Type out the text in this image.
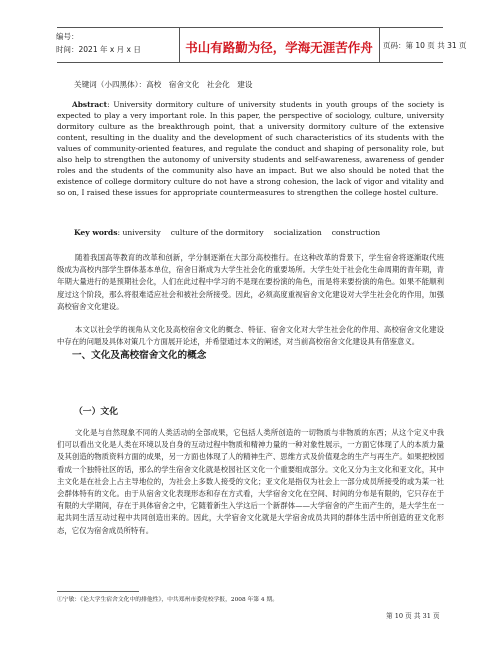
编号：
时间：2021 年 x 月 x 日	书山有路勤为径，学海无涯苦作舟	页码：第 10 页 共 31 页
关键词（小四黑体）：高校　宿舍文化　社会化　建设
Abstract: University dormitory culture of university students in youth groups of the society is expected to play a very important role. In this paper, the perspective of sociology, culture, university dormitory culture as the breakthrough point, that a university dormitory culture of the extensive content, resulting in the duality and the development of such characteristics of its students with the values of community-oriented features, and regulate the conduct and shaping of personality role, but also help to strengthen the autonomy of university students and self-awareness, awareness of gender roles and the students of the community also have an impact. But we also should be noted that the existence of college dormitory culture do not have a strong cohesion, the lack of vigor and vitality and so on, I raised these issues for appropriate countermeasures to strengthen the college hostel culture.
Key words: university culture of the dormitory socialization construction
随着我国高等教育的改革和创新，学分制逐渐在大部分高校推行。在这种改革的背景下，学生宿舍将逐渐取代班级成为高校内部学生群体基本单位，宿舍日渐成为大学生社会化的重要场所。大学生处于社会化生命周期的青年期，青年期大量进行的是预期社会化，人们在此过程中学习的不是现在要扮演的角色，而是将来要扮演的角色。如果不能顺利度过这个阶段，那么将很难适应社会和被社会所接受。因此，必须高度重视宿舍文化建设对大学生社会化的作用，加强高校宿舍文化建设。
本文以社会学的视角从文化及高校宿舍文化的概念、特征、宿舍文化对大学生社会化的作用、高校宿舍文化建设中存在的问题及具体对策几个方面展开论述，并希望通过本文的阐述，对当前高校宿舍文化建设具有借鉴意义。
一、文化及高校宿舍文化的概念
（一）文化
文化是与自然现象不同的人类活动的全部成果，它包括人类所创造的一切物质与非物质的东西；从这个定义中我们可以看出文化是人类在环境以及自身的互动过程中物质和精神力量的一种对象性展示，一方面它体现了人的本质力量及其创造的物质资料方面的成果，另一方面也体现了人的精神生产、思维方式及价值观念的生产与再生产。如果把校园看成一个独特社区的话，那么的学生宿舍文化就是校园社区文化一个重要组成部分。文化又分为主文化和亚文化，其中主文化是在社会上占主导地位的，为社会上多数人接受的文化；亚文化是指仅为社会上一部分成员所接受的或为某一社会群体特有的文化。由于从宿舍文化表现形态和存在方式看，大学宿舍文化在空间、时间的分布是有限的，它只存在于有限的大学期间，存在于具体宿舍之中，它随着新生入学这后一个新群体——大学宿舍的产生而产生的，是大学生在一起共同生活互动过程中共同创造出来的。因此，大学宿舍文化就是大学宿舍成员共同的群体生活中所创造的亚文化形态，它仅为宿舍成员所特有。
①宁敏：《论大学生宿舍文化中的排他性》，中共郑州市委党校学报，2008 年第 4 期。
第 10 页 共 31 页
